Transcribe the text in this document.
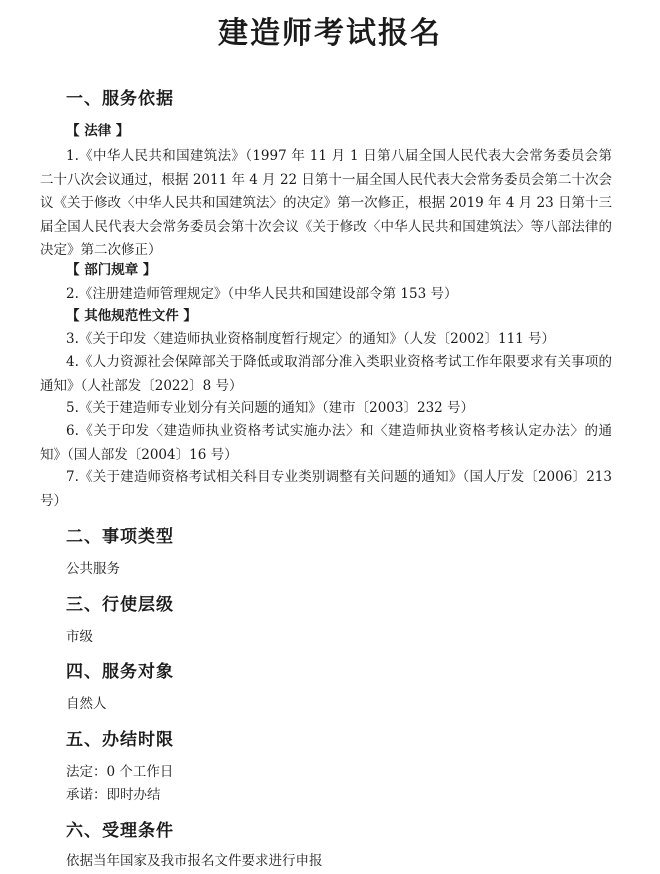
建造师考试报名
一、服务依据
【 法律 】
1.《中华人民共和国建筑法》（1997 年 11 月 1 日第八届全国人民代表大会常务委员会第二十八次会议通过，根据 2011 年 4 月 22 日第十一届全国人民代表大会常务委员会第二十次会议《关于修改〈中华人民共和国建筑法〉的决定》第一次修正，根据 2019 年 4 月 23 日第十三届全国人民代表大会常务委员会第十次会议《关于修改〈中华人民共和国建筑法〉等八部法律的决定》第二次修正）
【 部门规章 】
2.《注册建造师管理规定》（中华人民共和国建设部令第 153 号）
【 其他规范性文件 】
3.《关于印发〈建造师执业资格制度暂行规定〉的通知》（人发〔2002〕111 号）
4.《人力资源社会保障部关于降低或取消部分准入类职业资格考试工作年限要求有关事项的通知》（人社部发〔2022〕8 号）
5.《关于建造师专业划分有关问题的通知》（建市〔2003〕232 号）
6.《关于印发〈建造师执业资格考试实施办法〉和〈建造师执业资格考核认定办法〉的通知》（国人部发〔2004〕16 号）
7.《关于建造师资格考试相关科目专业类别调整有关问题的通知》（国人厅发〔2006〕213 号）
二、事项类型
公共服务
三、行使层级
市级
四、服务对象
自然人
五、办结时限
法定：0 个工作日
承诺：即时办结
六、受理条件
依据当年国家及我市报名文件要求进行申报
